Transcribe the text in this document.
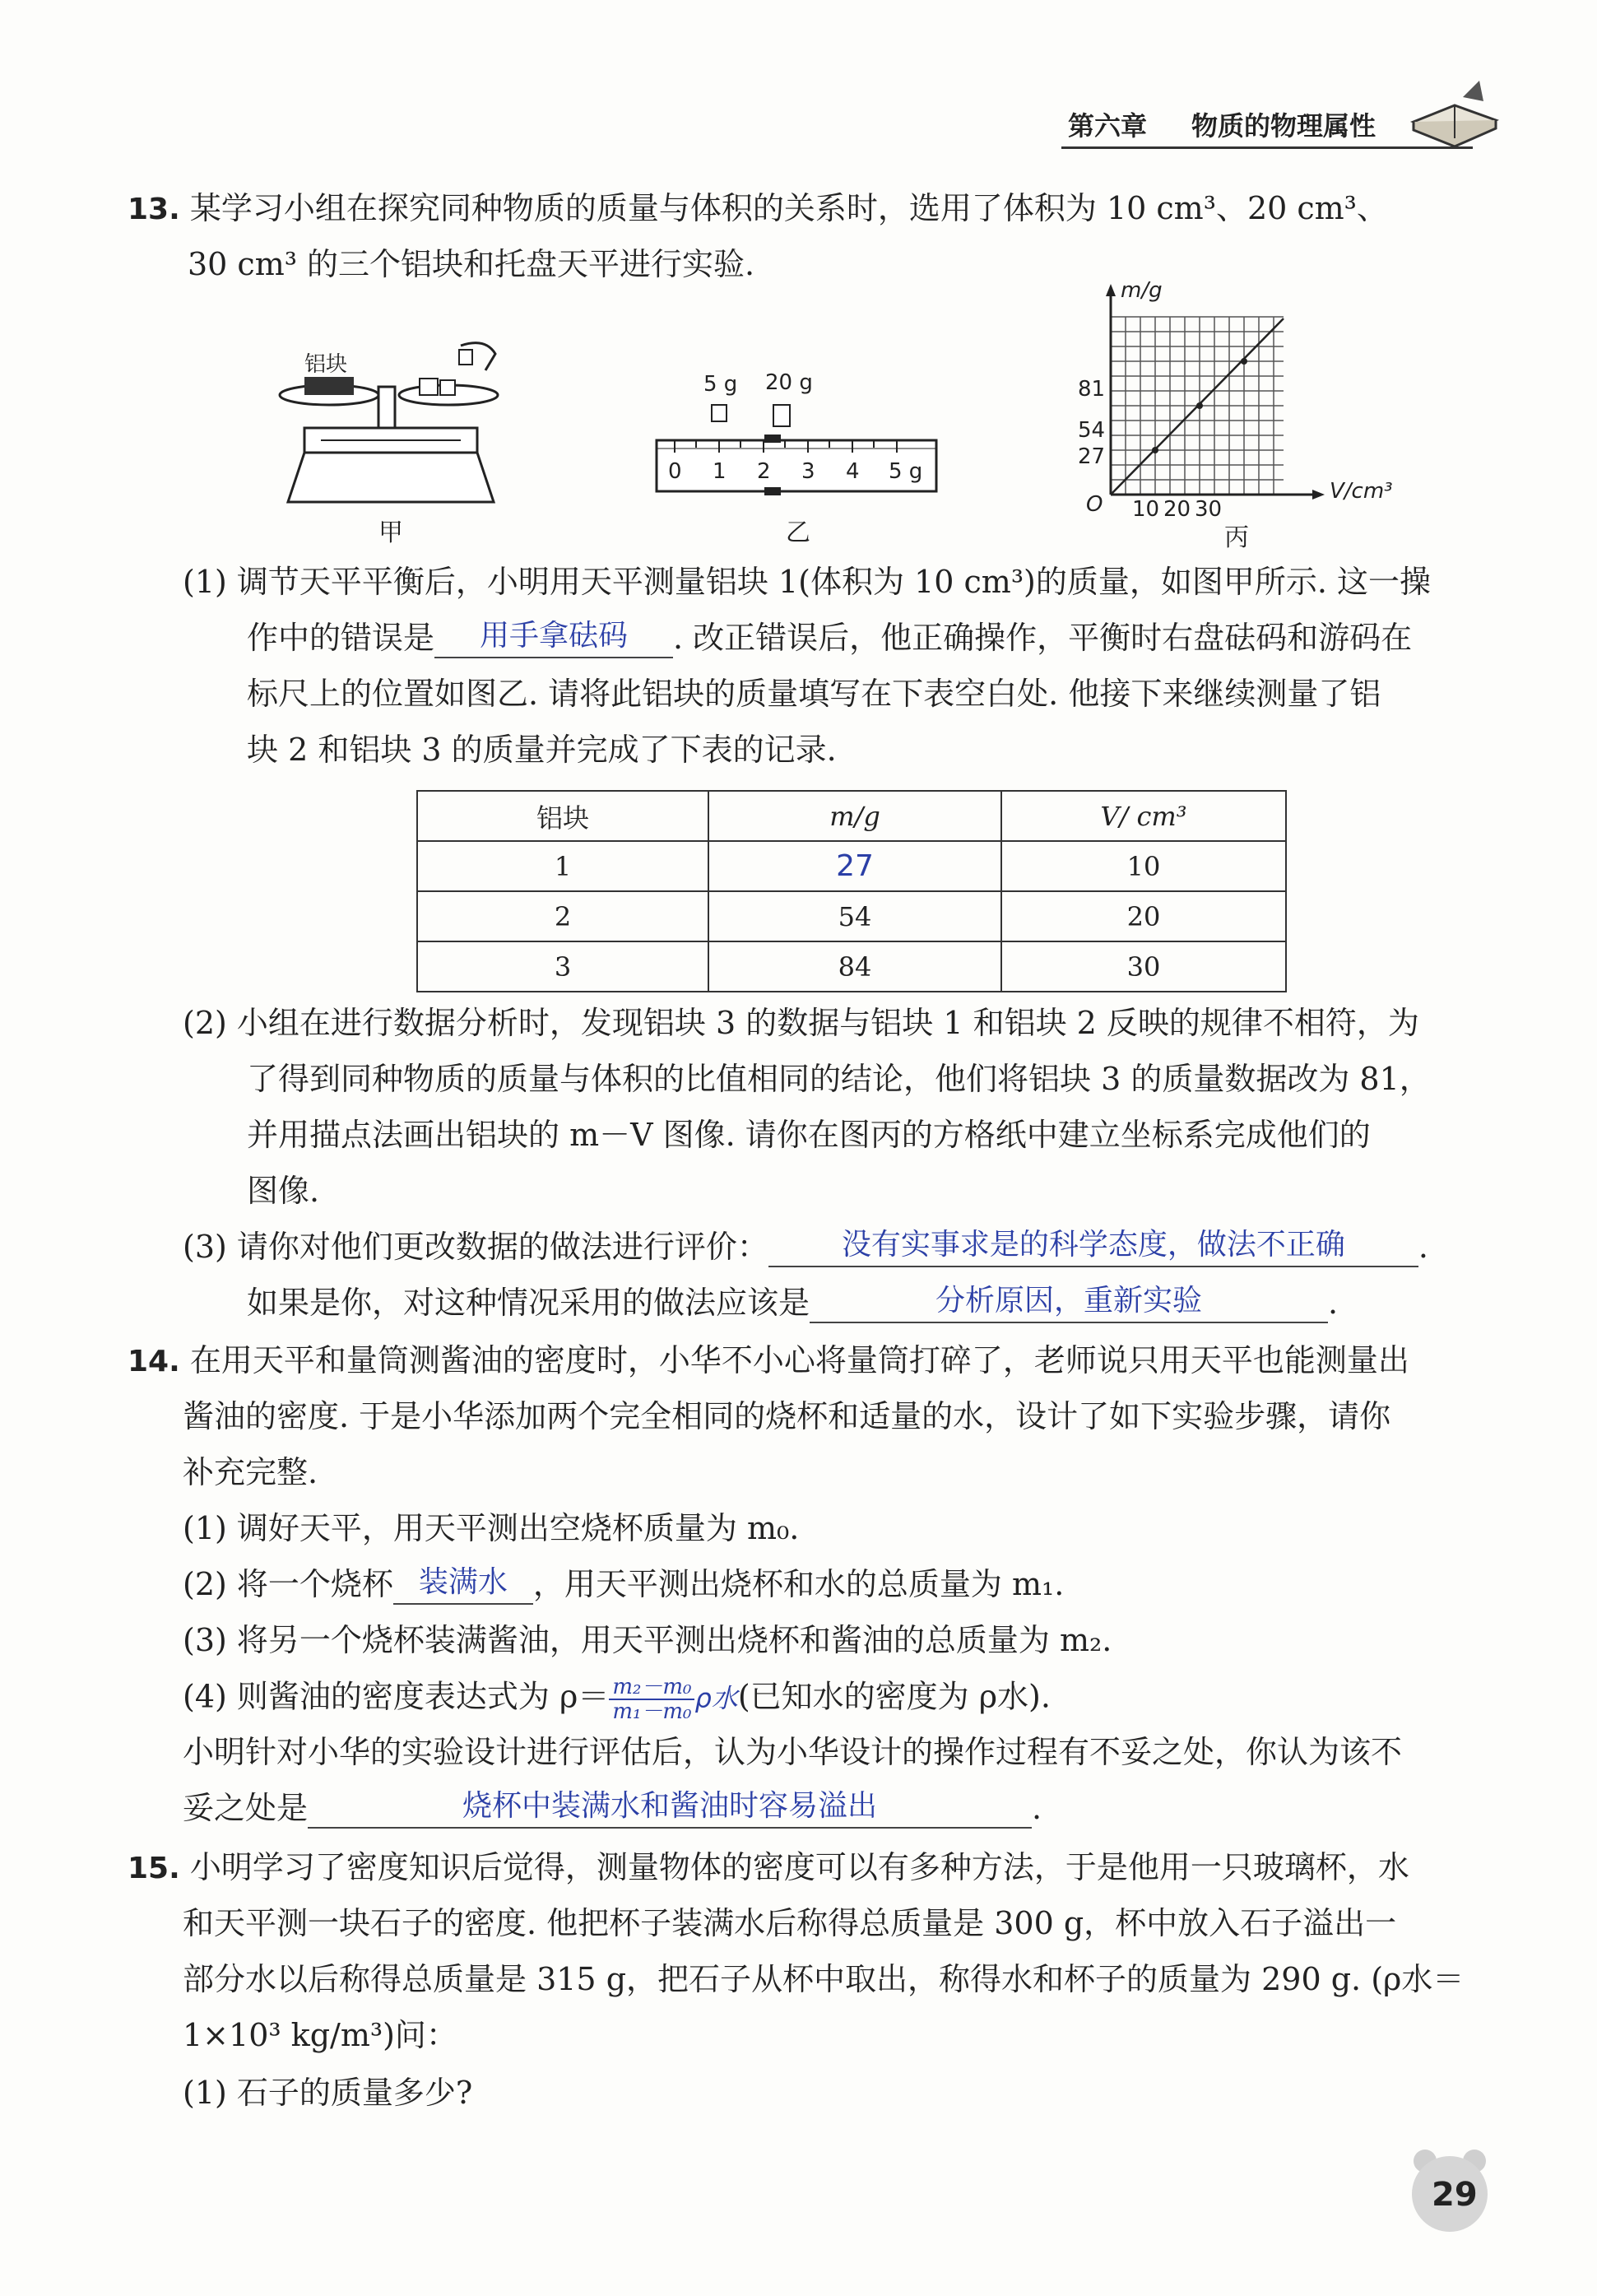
第六章 物质的物理属性
13. 某学习小组在探究同种物质的质量与体积的关系时，选用了体积为 10 cm³、20 cm³、
30 cm³ 的三个铝块和托盘天平进行实验.
铝块
甲
5 g 20 g
0 1 2 3 4 5 g
乙
m/g
V/cm³
O
81
54
27
10 20 30
丙
(1) 调节天平平衡后，小明用天平测量铝块 1(体积为 10 cm³)的质量，如图甲所示. 这一操
作中的错误是	用手拿砝码	. 改正错误后，他正确操作，平衡时右盘砝码和游码在
标尺上的位置如图乙. 请将此铝块的质量填写在下表空白处. 他接下来继续测量了铝
块 2 和铝块 3 的质量并完成了下表的记录.
铝块	m/g	V/ cm³
1	27	10
2	54	20
3	84	30
(2) 小组在进行数据分析时，发现铝块 3 的数据与铝块 1 和铝块 2 反映的规律不相符，为
了得到同种物质的质量与体积的比值相同的结论，他们将铝块 3 的质量数据改为 81，
并用描点法画出铝块的 m－V 图像. 请你在图丙的方格纸中建立坐标系完成他们的
图像.
(3) 请你对他们更改数据的做法进行评价：	没有实事求是的科学态度，做法不正确	.
如果是你，对这种情况采用的做法应该是	分析原因，重新实验	.
14. 在用天平和量筒测酱油的密度时，小华不小心将量筒打碎了，老师说只用天平也能测量出
酱油的密度. 于是小华添加两个完全相同的烧杯和适量的水，设计了如下实验步骤，请你
补充完整.
(1) 调好天平，用天平测出空烧杯质量为 m₀.
(2) 将一个烧杯 装满水 ，用天平测出烧杯和水的总质量为 m₁.
(3) 将另一个烧杯装满酱油，用天平测出烧杯和酱油的总质量为 m₂.
(4) 则酱油的密度表达式为 $\rho= \frac{\text{m₂－m₀}}{\text{m₁－m₀}}$ ρ水(已知水的密度为 ρ水).
小明针对小华的实验设计进行评估后，认为小华设计的操作过程有不妥之处，你认为该不
妥之处是	烧杯中装满水和酱油时容易溢出	.
15. 小明学习了密度知识后觉得，测量物体的密度可以有多种方法，于是他用一只玻璃杯，水
和天平测一块石子的密度. 他把杯子装满水后称得总质量是 300 g，杯中放入石子溢出一
部分水以后称得总质量是 315 g，把石子从杯中取出，称得水和杯子的质量为 290 g. (ρ水＝
1×10³ kg/m³)问：
(1) 石子的质量多少?
29
